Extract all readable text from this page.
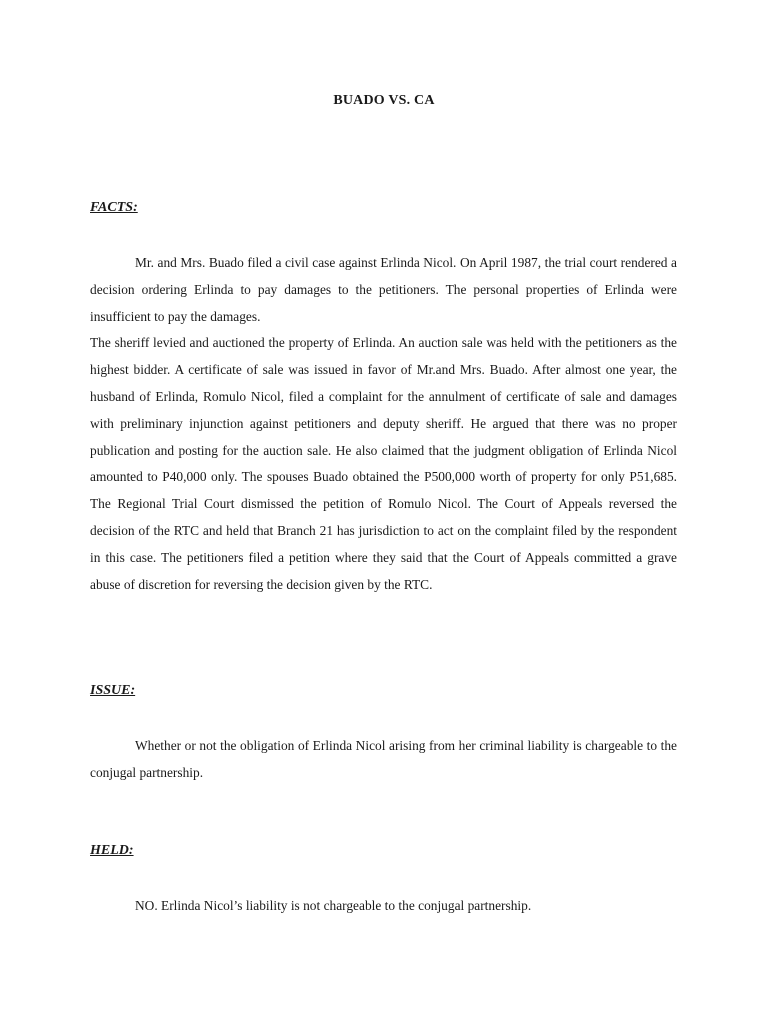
BUADO VS. CA
FACTS:

Mr. and Mrs. Buado filed a civil case against Erlinda Nicol. On April 1987, the trial court rendered a decision ordering Erlinda to pay damages to the petitioners. The personal properties of Erlinda were insufficient to pay the damages.

The sheriff levied and auctioned the property of Erlinda. An auction sale was held with the petitioners as the highest bidder. A certificate of sale was issued in favor of Mr.and Mrs. Buado. After almost one year, the husband of Erlinda, Romulo Nicol, filed a complaint for the annulment of certificate of sale and damages with preliminary injunction against petitioners and deputy sheriff. He argued that there was no proper publication and posting for the auction sale. He also claimed that the judgment obligation of Erlinda Nicol amounted to P40,000 only. The spouses Buado obtained the P500,000 worth of property for only P51,685. The Regional Trial Court dismissed the petition of Romulo Nicol. The Court of Appeals reversed the decision of the RTC and held that Branch 21 has jurisdiction to act on the complaint filed by the respondent in this case. The petitioners filed a petition where they said that the Court of Appeals committed a grave abuse of discretion for reversing the decision given by the RTC.

ISSUE:

Whether or not the obligation of Erlinda Nicol arising from her criminal liability is chargeable to the conjugal partnership.

HELD:

NO. Erlinda Nicol’s liability is not chargeable to the conjugal partnership.
